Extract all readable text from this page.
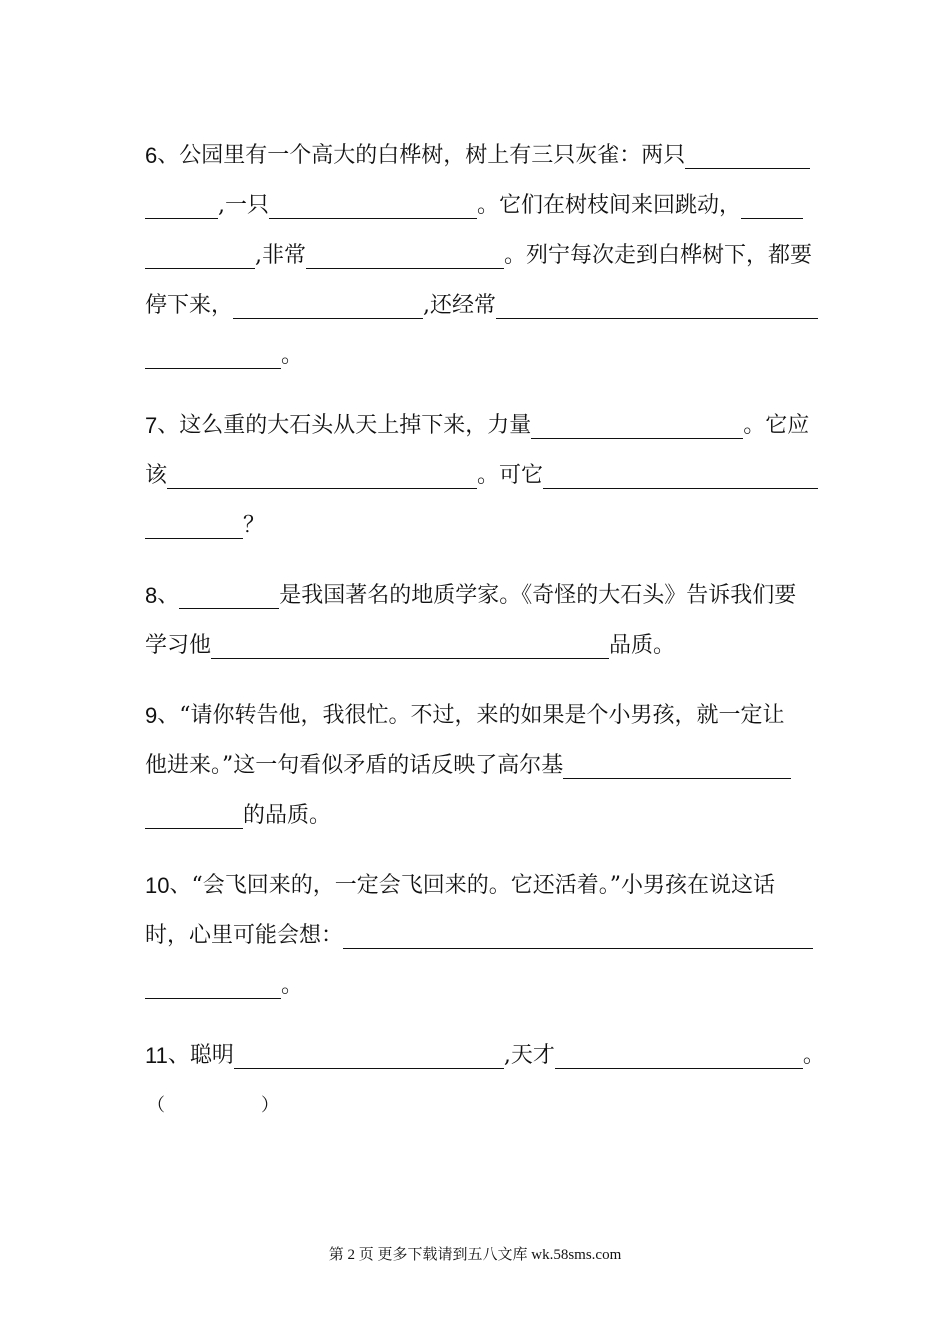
6 、公园里有一个高大的白桦树，树上有三只灰雀：两只
,一只	。它们在树枝间来回跳动，
,非常	。列宁每次走到白桦树下，都要
停下来，	,还经常
。
7 、这么重的大石头从天上掉下来，力量	。它应
该	。可它
？
8 、	是我国著名的地质学家。《奇怪的大石头》告诉我们要
学习他	品质。
9 、“请你转告他，我很忙。不过，来的如果是个小男孩，就一定让
他进来。”这一句看似矛盾的话反映了高尔基
的品质。
10 、“会飞回来的，一定会飞回来的。它还活着。”小男孩在说这话
时，心里可能会想：
。
11 、聪明	,天才	。
（	）
第 2 页 更多下载请到五八文库 wk.58sms.com
